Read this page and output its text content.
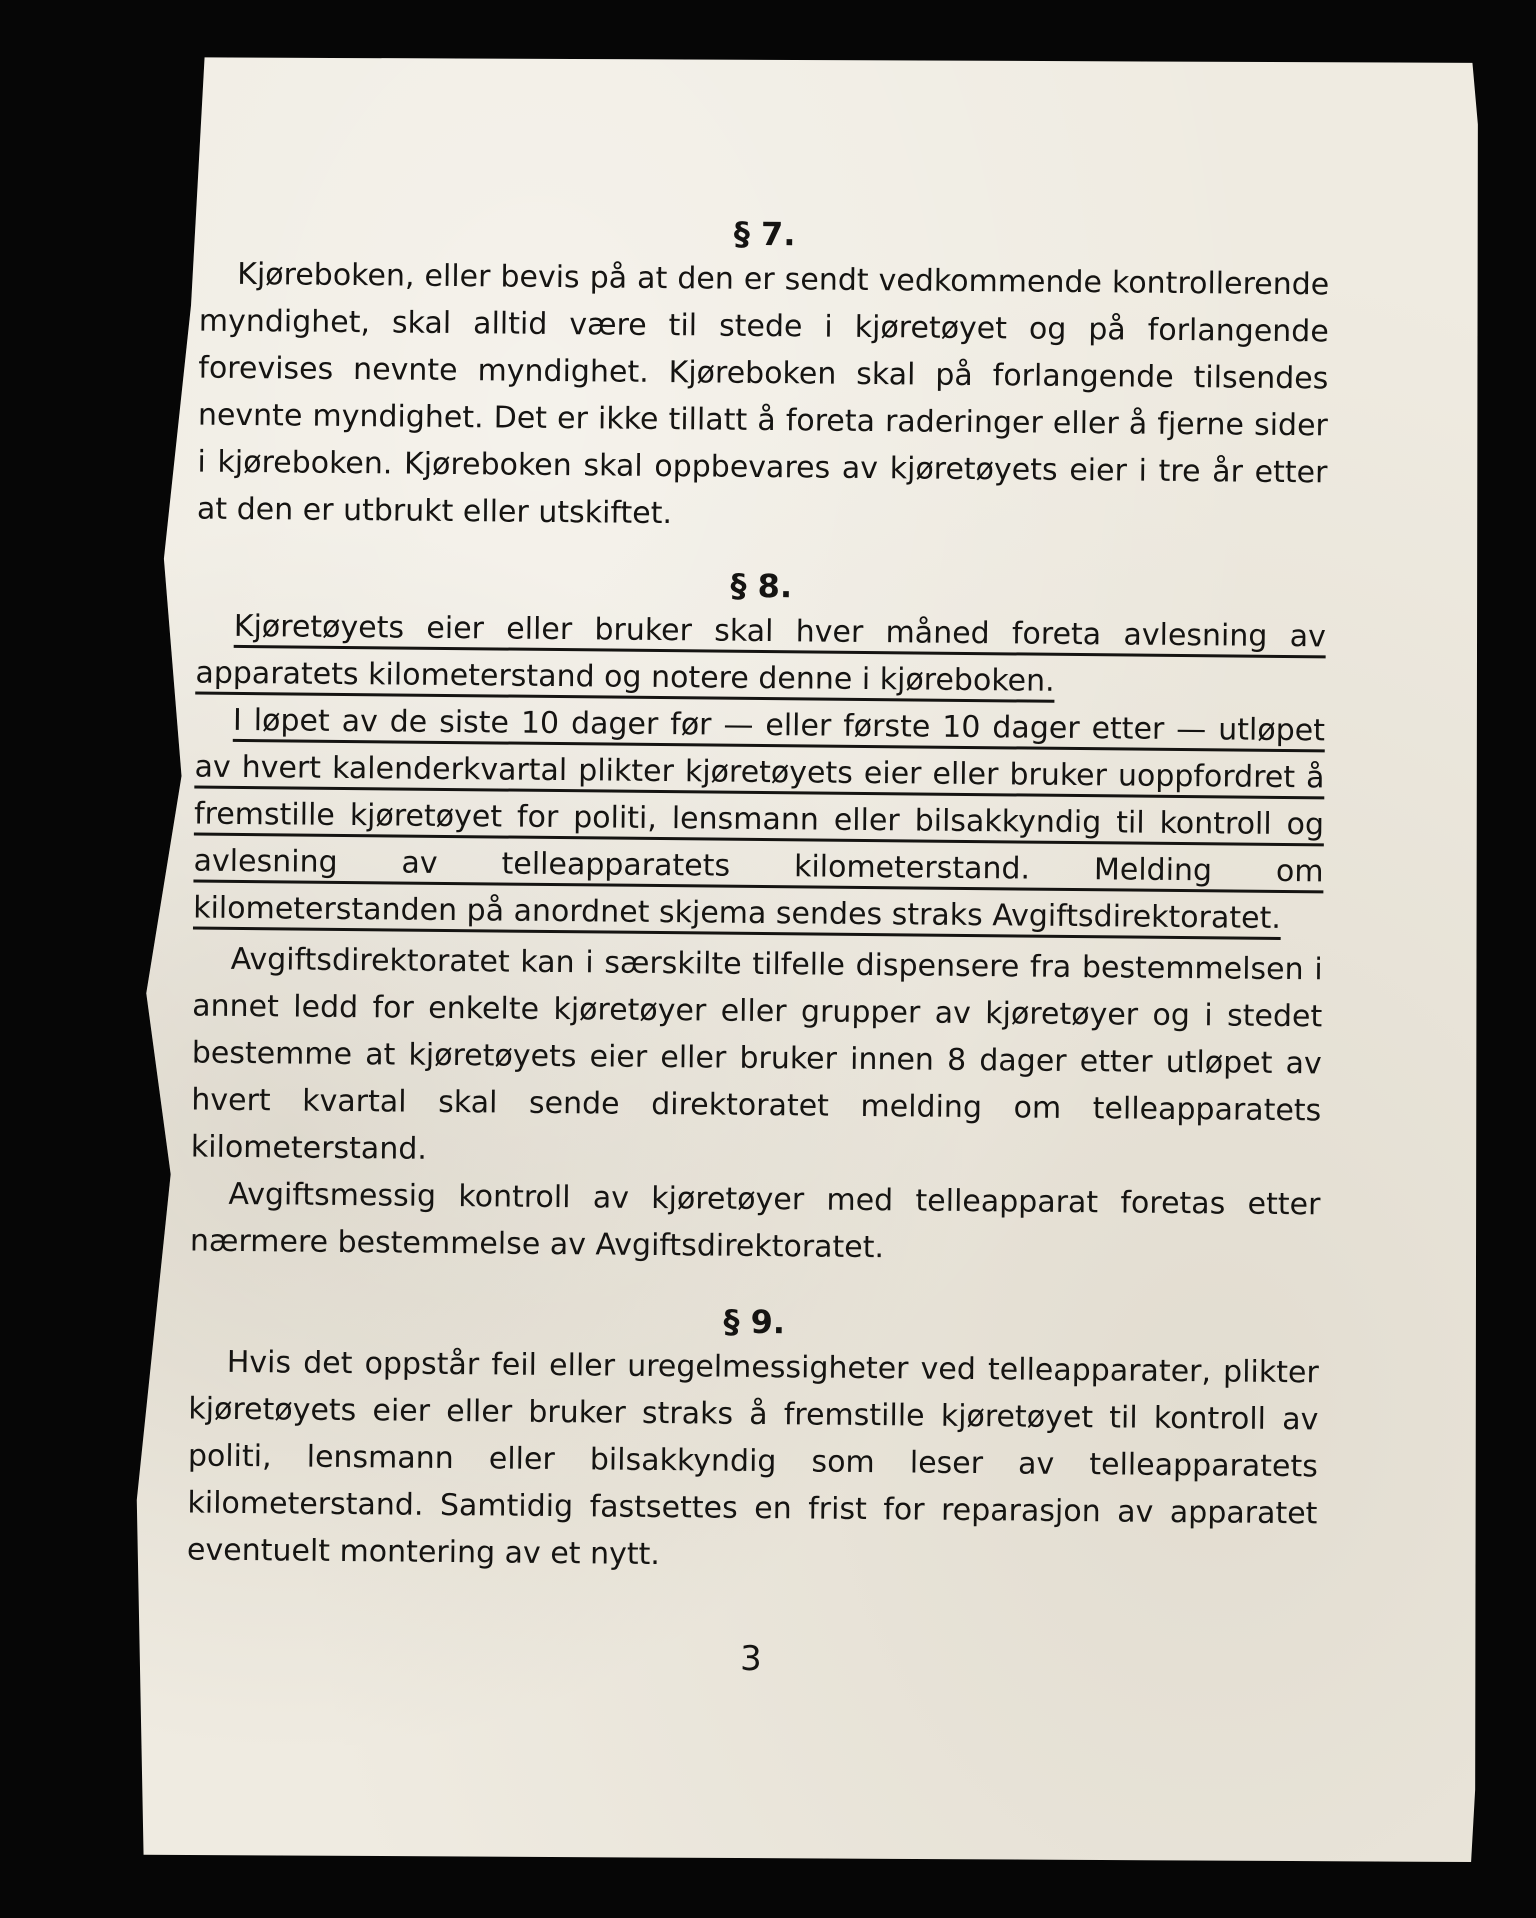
§ 7.

Kjøreboken, eller bevis på at den er sendt vedkommende kontrollerende myndighet, skal alltid være til stede i kjøretøyet og på forlangende forevises nevnte myndighet. Kjøreboken skal på forlangende tilsendes nevnte myndighet. Det er ikke tillatt å foreta raderinger eller å fjerne sider i kjøreboken. Kjøreboken skal oppbevares av kjøretøyets eier i tre år etter at den er utbrukt eller utskiftet.

§ 8.

Kjøretøyets eier eller bruker skal hver måned foreta avlesning av apparatets kilometerstand og notere denne i kjøreboken.

I løpet av de siste 10 dager før — eller første 10 dager etter — utløpet av hvert kalenderkvartal plikter kjøretøyets eier eller bruker uoppfordret å fremstille kjøretøyet for politi, lensmann eller bilsakkyndig til kontroll og avlesning av telleapparatets kilometerstand. Melding om kilometerstanden på anordnet skjema sendes straks Avgiftsdirektoratet.

Avgiftsdirektoratet kan i særskilte tilfelle dispensere fra bestemmelsen i annet ledd for enkelte kjøretøyer eller grupper av kjøretøyer og i stedet bestemme at kjøretøyets eier eller bruker innen 8 dager etter utløpet av hvert kvartal skal sende direktoratet melding om telleapparatets kilometerstand.

Avgiftsmessig kontroll av kjøretøyer med telleapparat foretas etter nærmere bestemmelse av Avgiftsdirektoratet.

§ 9.

Hvis det oppstår feil eller uregelmessigheter ved telleapparater, plikter kjøretøyets eier eller bruker straks å fremstille kjøretøyet til kontroll av politi, lensmann eller bilsakkyndig som leser av telleapparatets kilometerstand. Samtidig fastsettes en frist for reparasjon av apparatet eventuelt montering av et nytt.

3
